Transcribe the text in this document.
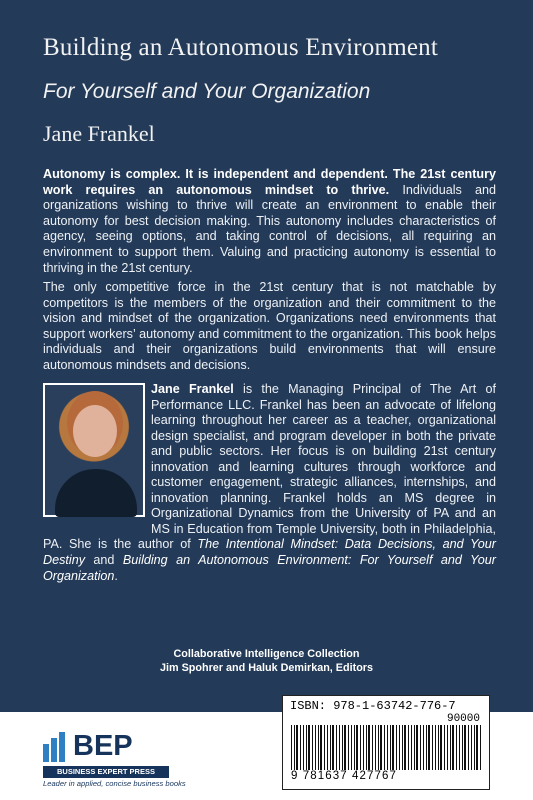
Building an Autonomous Environment
For Yourself and Your Organization
Jane Frankel

Autonomy is complex. It is independent and dependent. The 21st century work requires an autonomous mindset to thrive. Individuals and organizations wishing to thrive will create an environment to enable their autonomy for best decision making. This autonomy includes characteristics of agency, seeing options, and taking control of decisions, all requiring an environment to support them. Valuing and practicing autonomy is essential to thriving in the 21st century.

The only competitive force in the 21st century that is not matchable by competitors is the members of the organization and their commitment to the vision and mindset of the organization. Organizations need environments that support workers’ autonomy and commitment to the organization. This book helps individuals and their organizations build environments that will ensure autonomous mindsets and decisions.

Jane Frankel is the Managing Principal of The Art of Performance LLC. Frankel has been an advocate of lifelong learning throughout her career as a teacher, organizational design specialist, and program developer in both the private and public sectors. Her focus is on building 21st century innovation and learning cultures through workforce and customer engagement, strategic alliances, internships, and innovation planning. Frankel holds an MS degree in Organizational Dynamics from the University of PA and an MS in Education from Temple University, both in Philadelphia, PA. She is the author of The Intentional Mindset: Data Decisions, and Your Destiny and Building an Autonomous Environment: For Yourself and Your Organization.

Collaborative Intelligence Collection
Jim Spohrer and Haluk Demirkan, Editors
BEP
BUSINESS EXPERT PRESS
Leader in applied, concise business books
ISBN: 978-1-63742-776-7
90000
9 781637 427767
